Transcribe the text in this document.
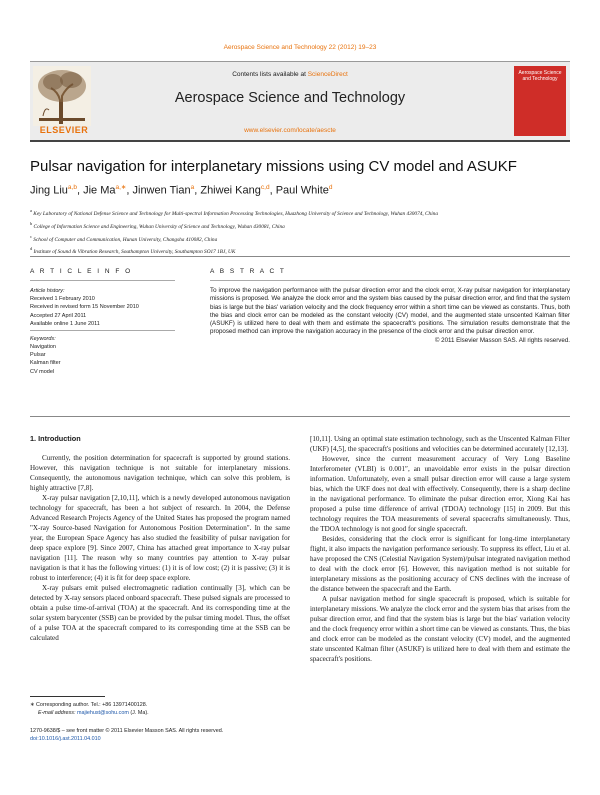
Aerospace Science and Technology 22 (2012) 19–23
ELSEVIER
Contents lists available at ScienceDirect
Aerospace Science and Technology
www.elsevier.com/locate/aescte
Aerospace Science and Technology
Pulsar navigation for interplanetary missions using CV model and ASUKF
Jing Liu$^{a,b}$, Jie $Ma^{a,∗}$, Jinwen Tian$^a$, Zhiwei Kang$^{c,d}$, Paul White$^d$
$^a$ Key Laboratory of National Defense Science and Technology for Multi-spectral Information Processing Technologies, Huazhong University of Science and Technology, Wuhan 430074, China
$^b$ College of Information Science and Engineering, Wuhan University of Science and Technology, Wuhan 430081, China
$^c$ School of Computer and Communication, Hunan University, Changsha 410082, China
$^d$ Institute of Sound & Vibration Research, Southampton University, Southampton SO17 1BJ, UK
A R T I C L E I N F O	A B S T R A C T
Article history:
Received 1 February 2010
Received in revised form 15 November 2010
Accepted 27 April 2011
Available online 1 June 2011
Keywords:
Navigation
Pulsar
Kalman filter
CV model
To improve the navigation performance with the pulsar direction error and the clock error, X-ray pulsar navigation for interplanetary missions is proposed. We analyze the clock error and the system bias caused by the pulsar direction error, and find that the system bias is large but the bias' variation velocity and the clock frequency error within a short time can be viewed as constants. Thus, both the bias and clock error can be modeled as the constant velocity (CV) model, and the augmented state unscented Kalman filter (ASUKF) is utilized here to deal with them and estimate the spacecraft's positions. The simulation results demonstrate that the proposed method can improve the navigation accuracy in the presence of the clock error and the pulsar direction error.
© 2011 Elsevier Masson SAS. All rights reserved.
1. Introduction

Currently, the position determination for spacecraft is supported by ground stations. However, this navigation technique is not suitable for interplanetary missions. Consequently, the autonomous navigation technique, which can solve this problem, is highly attractive [7,8].

X-ray pulsar navigation [2,10,11], which is a newly developed autonomous navigation technology for spacecraft, has been a hot subject of research. In 2004, the Defense Advanced Research Projects Agency of the United States has proposed the program named "X-ray Source-based Navigation for Autonomous Position Determination". In the same year, the European Space Agency has also studied the feasibility of pulsar navigation for deep space explore [9]. Since 2007, China has attached great importance to X-ray pulsar navigation [11]. The reason why so many countries pay attention to X-ray pulsar navigation is that it has the following virtues: (1) it is of low cost; (2) it is passive; (3) it is robust to interference; (4) it is fit for deep space explore.

X-ray pulsars emit pulsed electromagnetic radiation continually [3], which can be detected by X-ray sensors placed onboard spacecraft. These pulsed signals are processed to obtain a pulse time-of-arrival (TOA) at the spacecraft. And its corresponding time at the solar system barycenter (SSB) can be provided by the pulsar timing model. Thus, the offset of a pulse TOA at the spacecraft compared to its corresponding time at the SSB can be calculated

[10,11]. Using an optimal state estimation technology, such as the Unscented Kalman Filter (UKF) [4,5], the spacecraft's positions and velocities can be determined accurately [12,13].

However, since the current measurement accuracy of Very Long Baseline Interferometer (VLBI) is 0.001″, an unavoidable error exists in the pulsar direction information. Unfortunately, even a small pulsar direction error will cause a large system bias, which the UKF does not deal with effectively. Consequently, there is a sharp decline in the navigational performance. To eliminate the pulsar direction error, Xiong Kai has proposed a pulse time difference of arrival (TDOA) technology [15] in 2009. But this technology requires the TOA measurements of several spacecrafts simultaneously. Thus, the TDOA technology is not good for single spacecraft.

Besides, considering that the clock error is significant for long-time interplanetary flight, it also impacts the navigation performance seriously. To suppress its effect, Liu et al. have proposed the CNS (Celestial Navigation System)/pulsar integrated navigation method to deal with the clock error [6]. However, this navigation method is not suitable for interplanetary missions as the positioning accuracy of CNS declines with the increase of the distance between the spacecraft and the Earth.

A pulsar navigation method for single spacecraft is proposed, which is suitable for interplanetary missions. We analyze the clock error and the system bias that arises from the pulsar direction error, and find that the system bias is large but the bias' variation velocity and the clock frequency error within a short time can be viewed as constants. Thus, the bias and clock error can be modeled as the constant velocity (CV) model, and the augmented state unscented Kalman filter (ASUKF) is utilized here to deal with them and estimate the spacecraft's positions.

∗ Corresponding author. Tel.: +86 13971400128.
E-mail address: majiehust@sohu.com (J. Ma).
1270-9638/$ – see front matter © 2011 Elsevier Masson SAS. All rights reserved.
doi:10.1016/j.ast.2011.04.010
